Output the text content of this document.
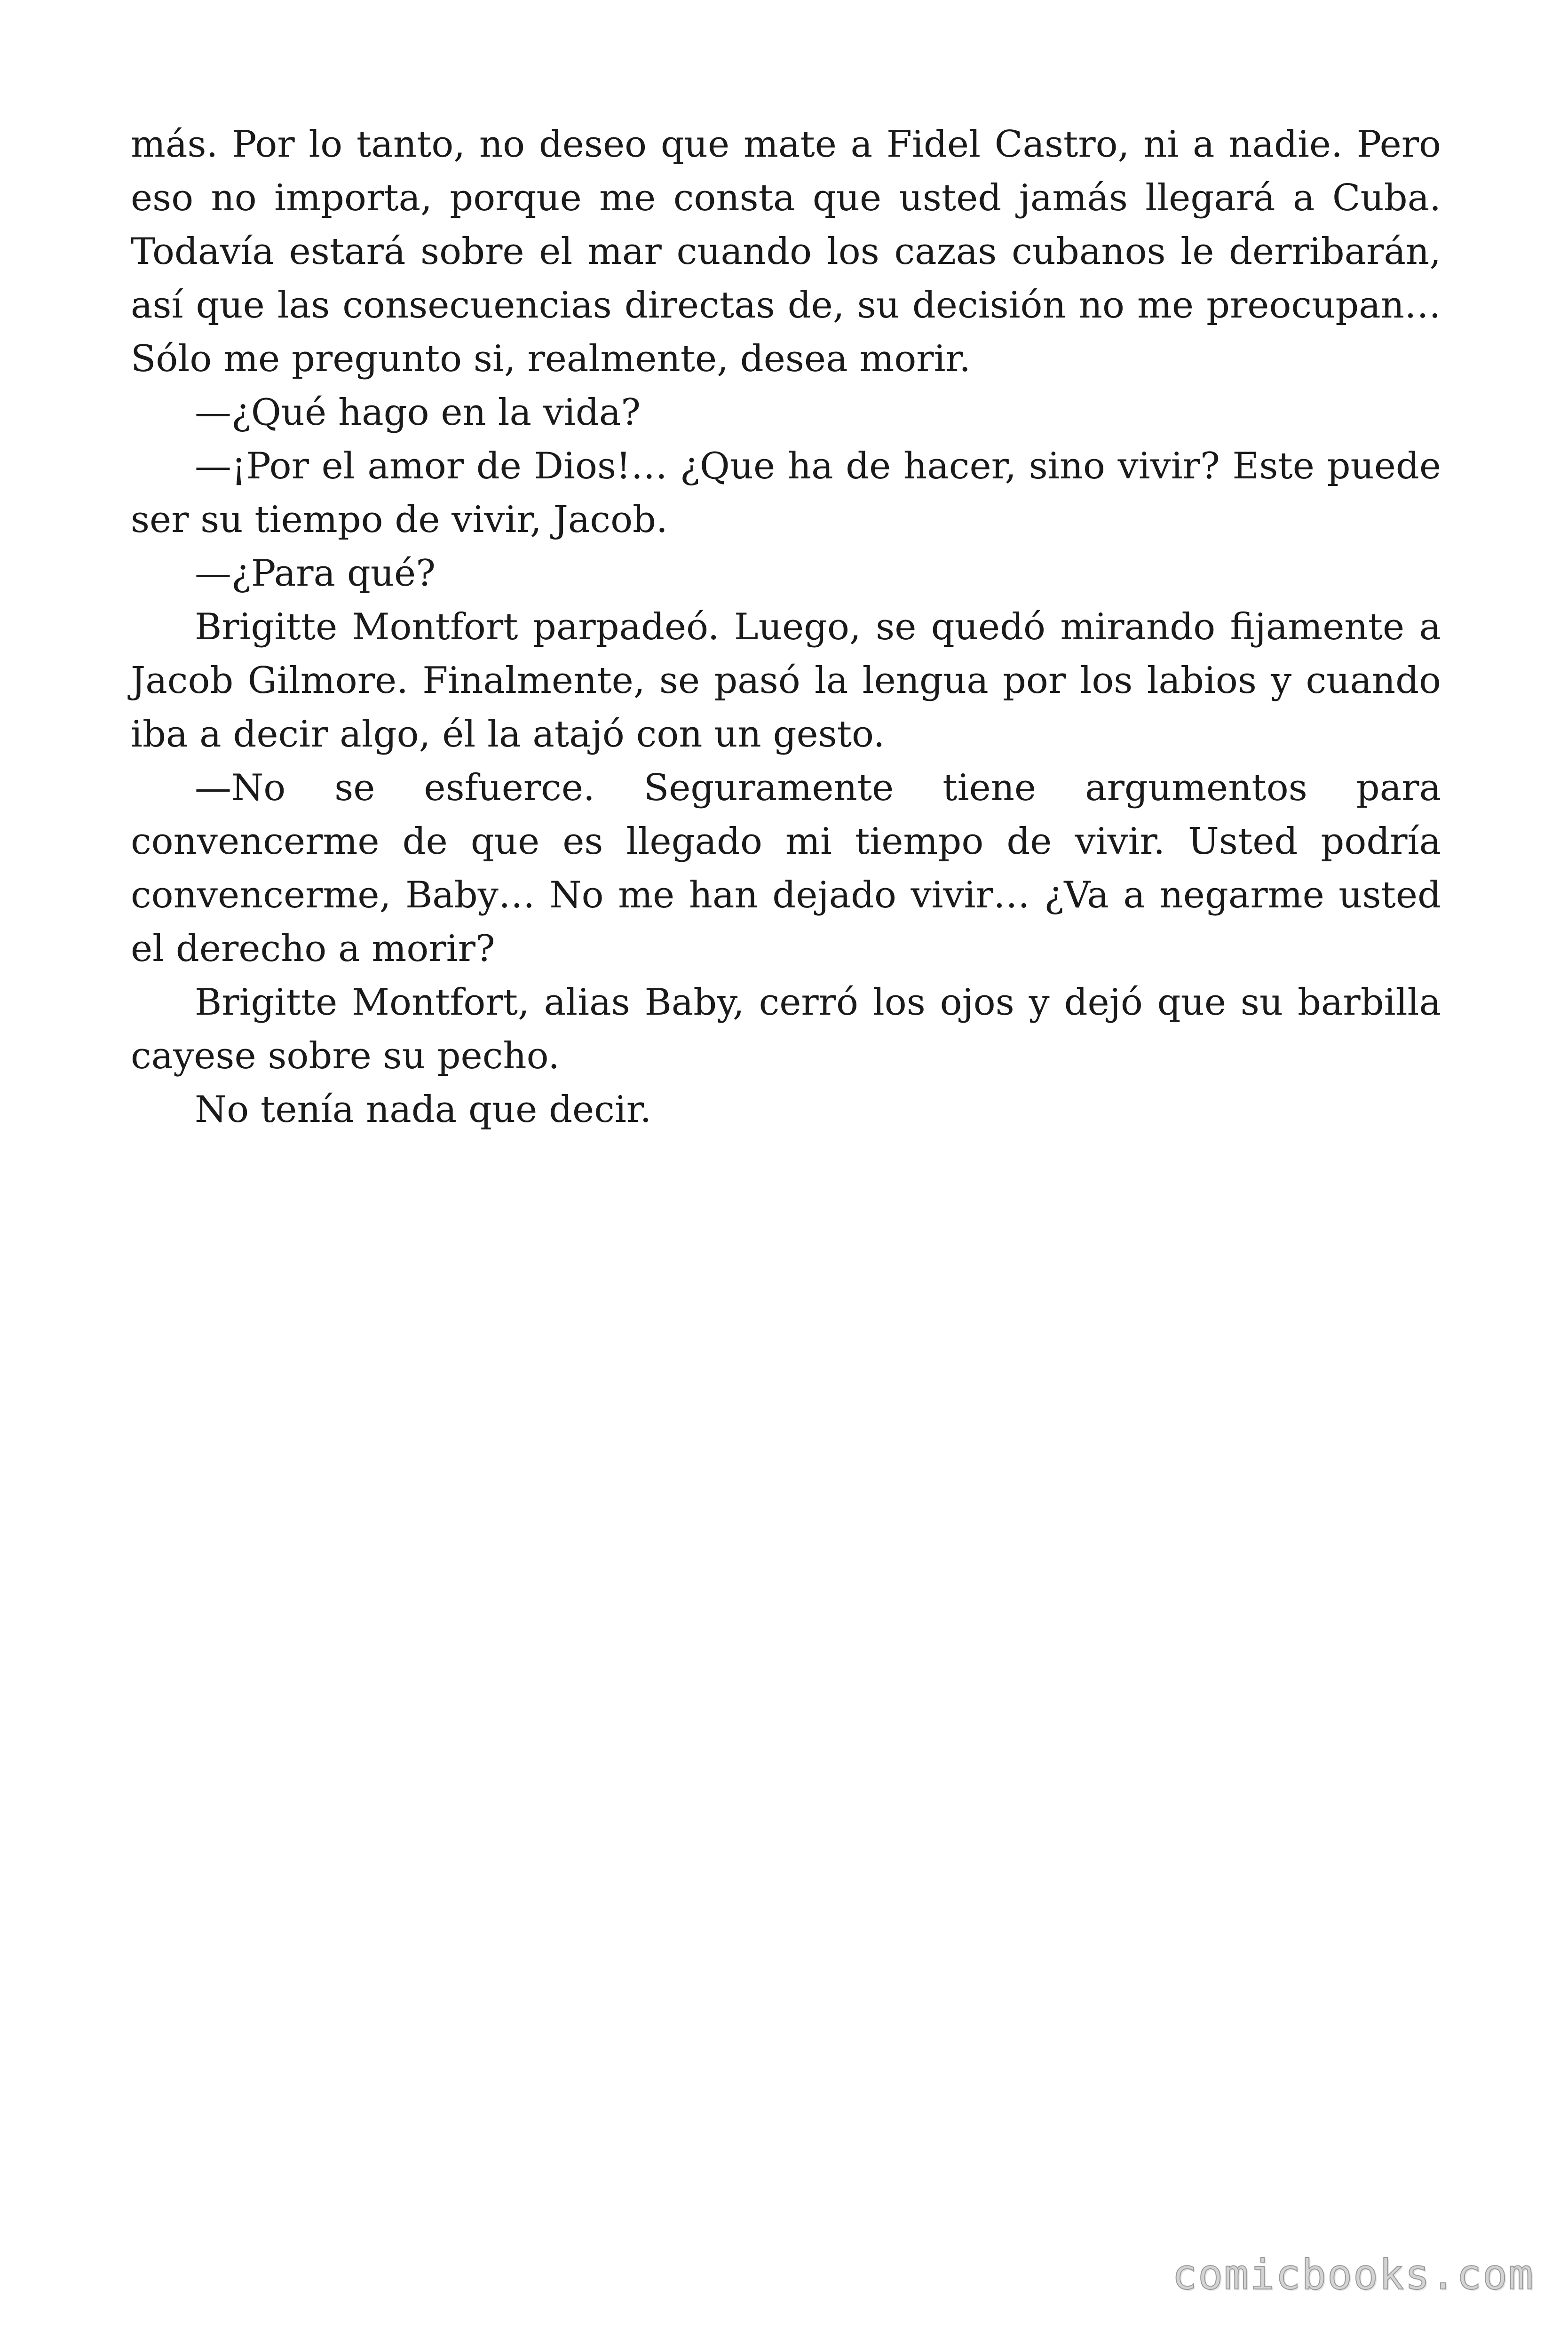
más. Por lo tanto, no deseo que mate a Fidel Castro, ni a nadie. Pero eso no importa, porque me consta que usted jamás llegará a Cuba. Todavía estará sobre el mar cuando los cazas cubanos le derribarán, así que las consecuencias directas de, su decisión no me preocupan… Sólo me pregunto si, realmente, desea morir.

—¿Qué hago en la vida?

—¡Por el amor de Dios!… ¿Que ha de hacer, sino vivir? Este puede ser su tiempo de vivir, Jacob.

—¿Para qué?

Brigitte Montfort parpadeó. Luego, se quedó mirando fijamente a Jacob Gilmore. Finalmente, se pasó la lengua por los labios y cuando iba a decir algo, él la atajó con un gesto.

—No se esfuerce. Seguramente tiene argumentos para convencerme de que es llegado mi tiempo de vivir. Usted podría convencerme, Baby… No me han dejado vivir… ¿Va a negarme usted el derecho a morir?

Brigitte Montfort, alias Baby, cerró los ojos y dejó que su barbilla cayese sobre su pecho.

No tenía nada que decir.

comicbooks.com
